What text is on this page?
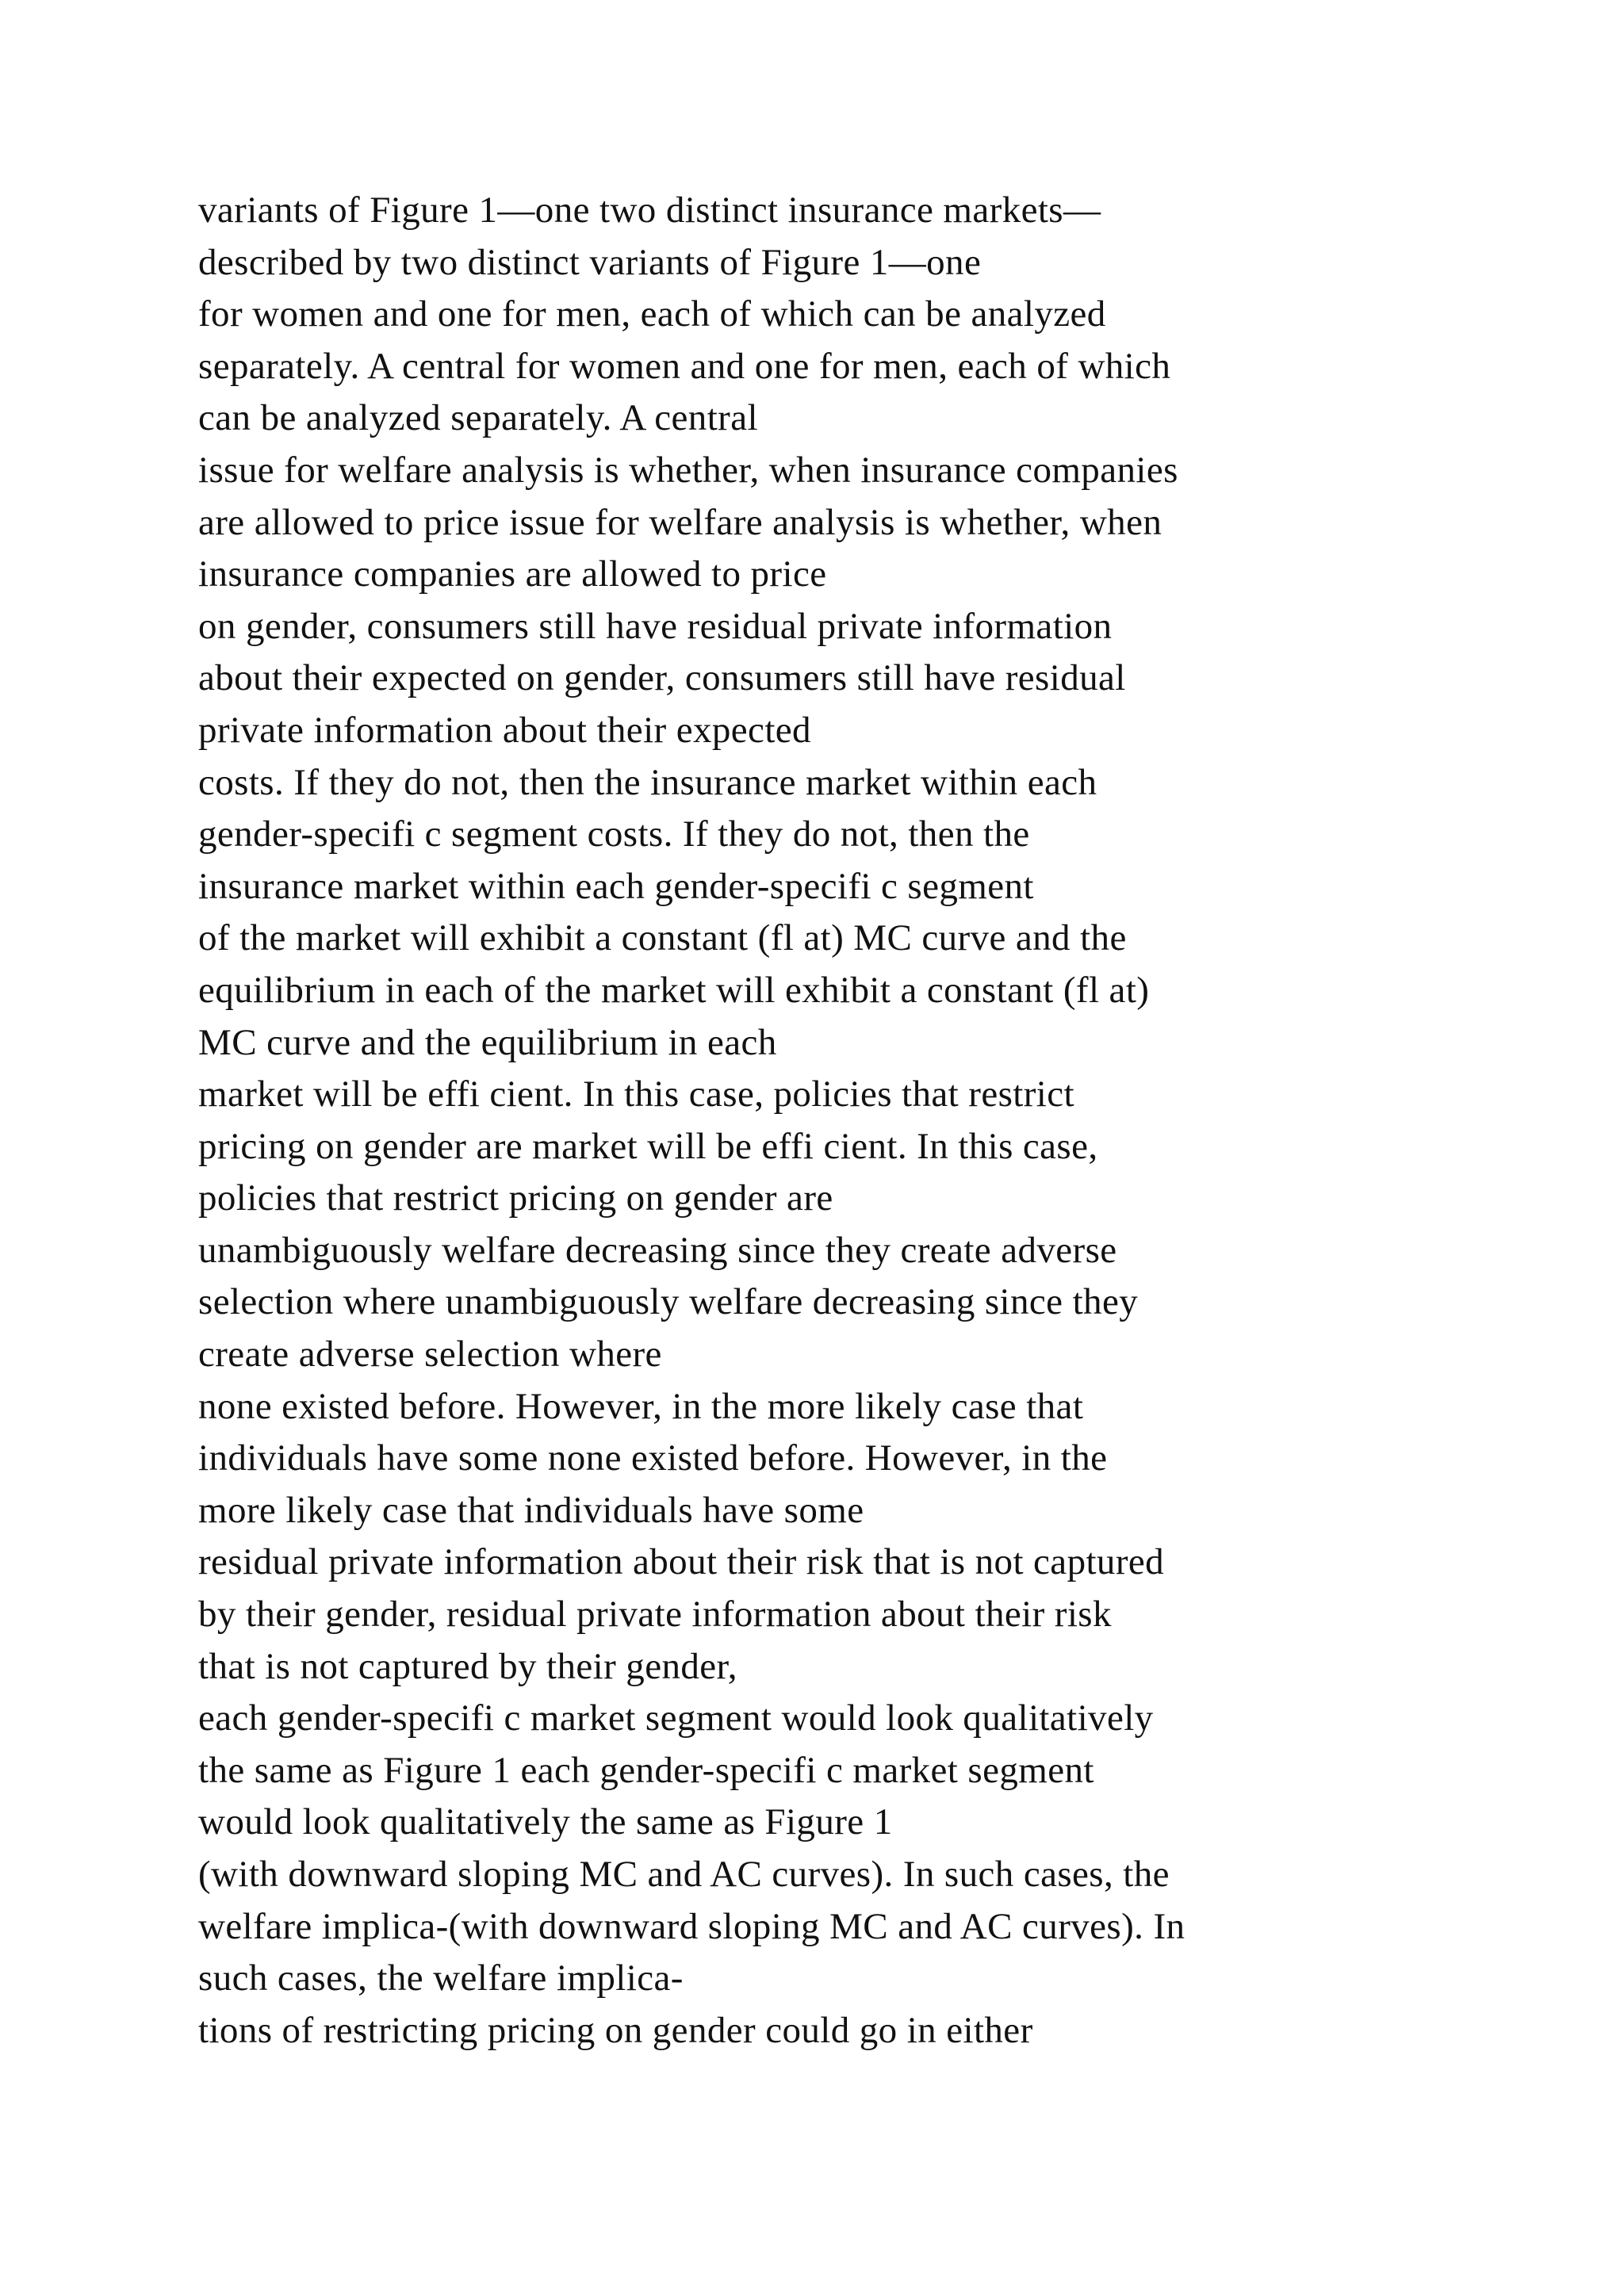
variants of Figure 1—one two distinct insurance markets—

described by two distinct variants of Figure 1—one

for women and one for men, each of which can be analyzed

separately. A central for women and one for men, each of which

can be analyzed separately. A central

issue for welfare analysis is whether, when insurance companies

are allowed to price issue for welfare analysis is whether, when

insurance companies are allowed to price

on gender, consumers still have residual private information

about their expected on gender, consumers still have residual

private information about their expected

costs. If they do not, then the insurance market within each

gender-specifi c segment costs. If they do not, then the

insurance market within each gender-specifi c segment

of the market will exhibit a constant (fl at) MC curve and the

equilibrium in each of the market will exhibit a constant (fl at)

MC curve and the equilibrium in each

market will be effi cient. In this case, policies that restrict

pricing on gender are market will be effi cient. In this case,

policies that restrict pricing on gender are

unambiguously welfare decreasing since they create adverse

selection where unambiguously welfare decreasing since they

create adverse selection where

none existed before. However, in the more likely case that

individuals have some none existed before. However, in the

more likely case that individuals have some

residual private information about their risk that is not captured

by their gender, residual private information about their risk

that is not captured by their gender,

each gender-specifi c market segment would look qualitatively

the same as Figure 1 each gender-specifi c market segment

would look qualitatively the same as Figure 1

(with downward sloping MC and AC curves). In such cases, the

welfare implica-(with downward sloping MC and AC curves). In

such cases, the welfare implica-

tions of restricting pricing on gender could go in either
